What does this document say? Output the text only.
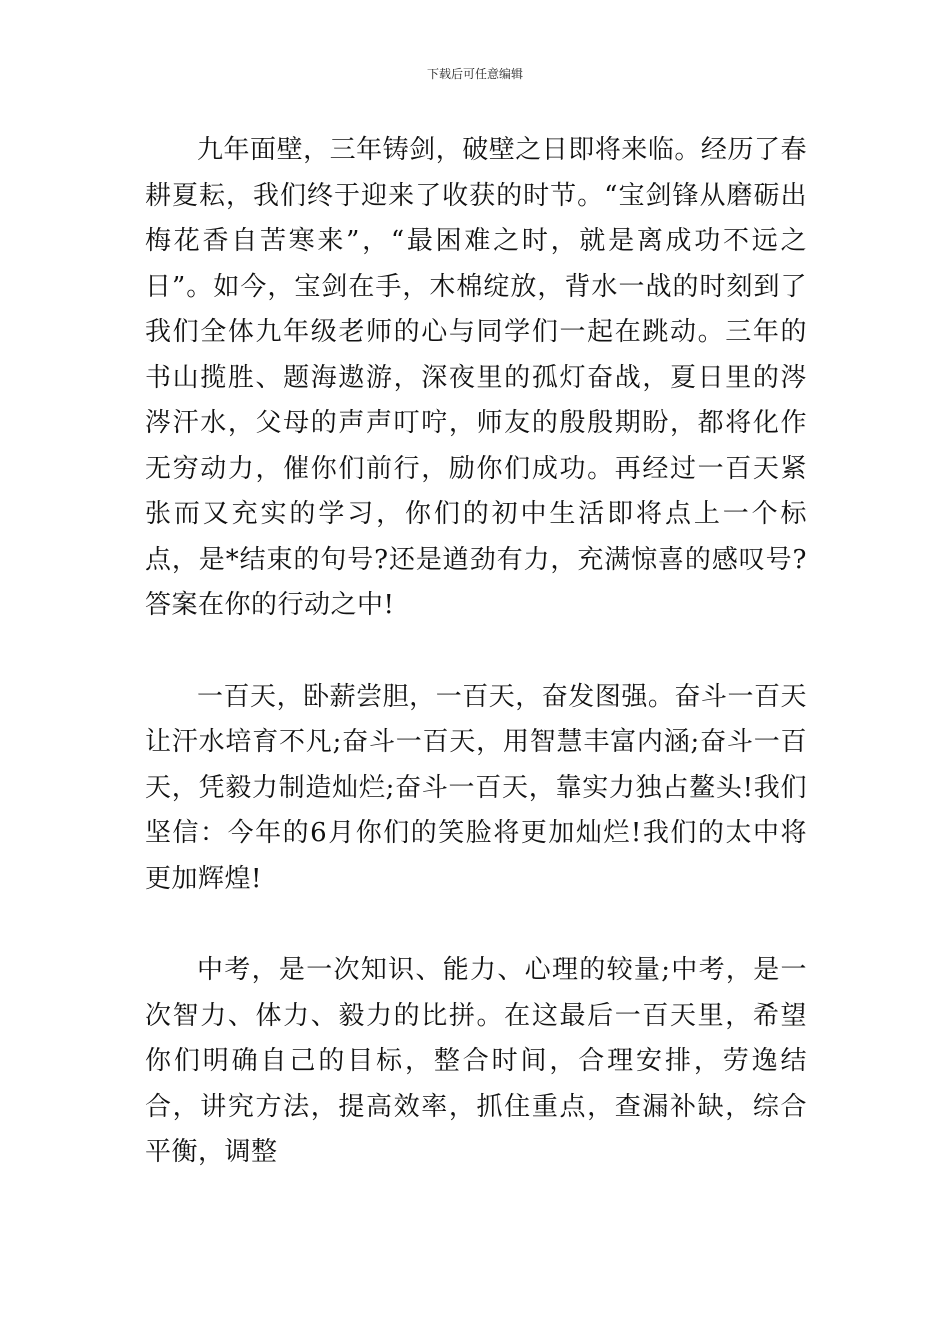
下载后可任意编辑

九年面壁，三年铸剑，破壁之日即将来临。经历了春耕夏耘，我们终于迎来了收获的时节。“宝剑锋从磨砺出梅花香自苦寒来”，“最困难之时，就是离成功不远之日”。如今，宝剑在手，木棉绽放，背水一战的时刻到了我们全体九年级老师的心与同学们一起在跳动。三年的书山揽胜、题海遨游，深夜里的孤灯奋战，夏日里的涔涔汗水，父母的声声叮咛，师友的殷殷期盼，都将化作无穷动力，催你们前行，励你们成功。再经过一百天紧张而又充实的学习，你们的初中生活即将点上一个标点，是*结束的句号?还是遒劲有力，充满惊喜的感叹号?答案在你的行动之中!

一百天，卧薪尝胆，一百天，奋发图强。奋斗一百天让汗水培育不凡;奋斗一百天，用智慧丰富内涵;奋斗一百天，凭毅力制造灿烂;奋斗一百天，靠实力独占鳌头!我们坚信：今年的6月你们的笑脸将更加灿烂!我们的太中将更加辉煌!

中考，是一次知识、能力、心理的较量;中考，是一次智力、体力、毅力的比拼。在这最后一百天里，希望你们明确自己的目标，整合时间，合理安排，劳逸结合，讲究方法，提高效率，抓住重点，查漏补缺，综合平衡，调整
